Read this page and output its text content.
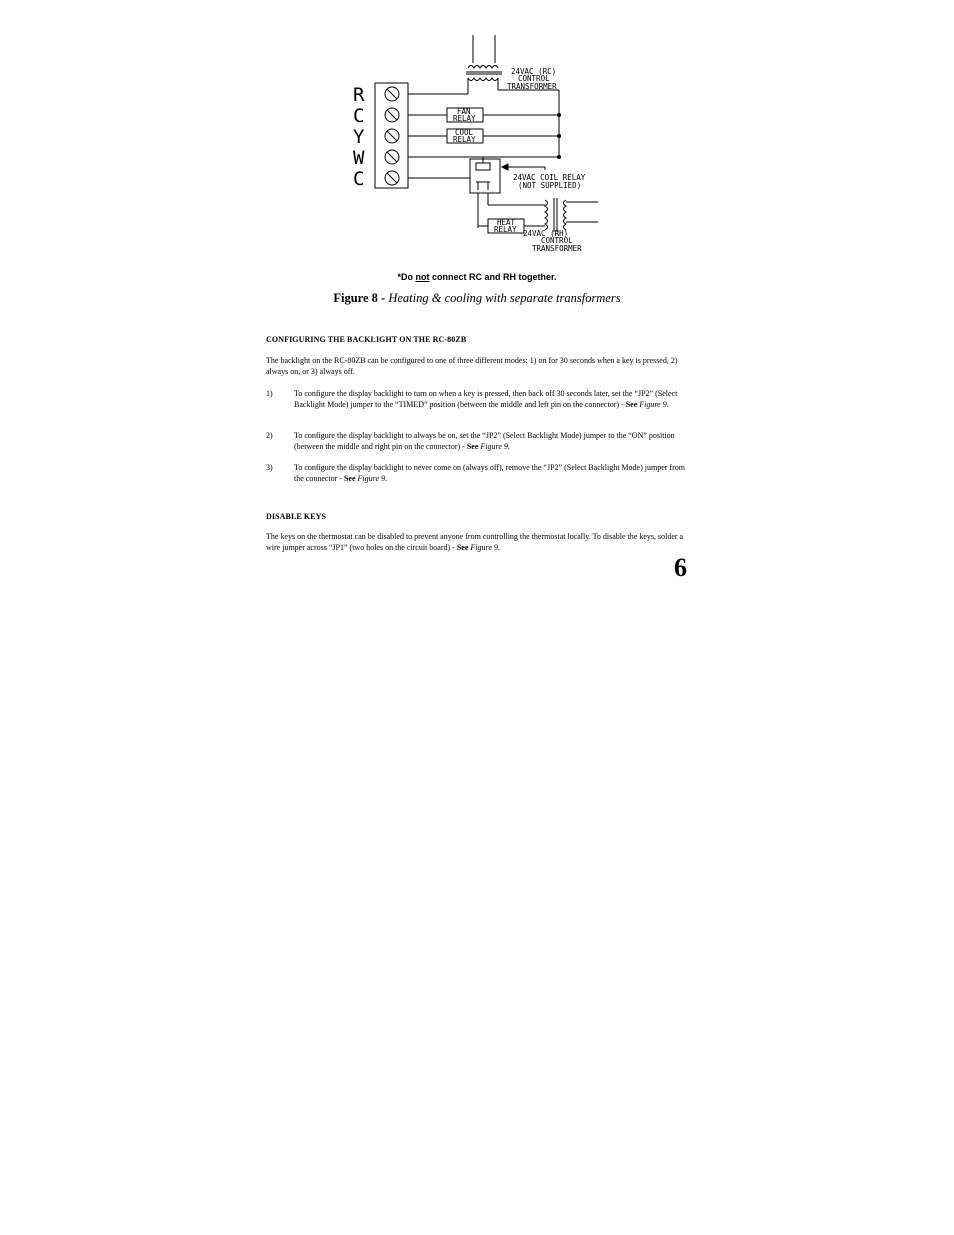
R
C
Y
W
C
24VAC (RC)
CONTROL
TRANSFORMER
FAN
RELAY
COOL
RELAY
24VAC COIL RELAY
(NOT SUPPLIED)
HEAT
RELAY 24VAC (RH)
CONTROL
TRANSFORMER
*Do not connect RC and RH together.
Figure 8 - Heating & cooling with separate transformers
CONFIGURING THE BACKLIGHT ON THE RC-80ZB
The backlight on the RC-80ZB can be configured to one of three different modes: 1) on for 30 seconds when a key is pressed, 2) always on, or 3) always off.
1)	To configure the display backlight to turn on when a key is pressed, then back off 30 seconds later, set the “JP2” (Select Backlight Mode) jumper to the “TIMED” position (between the middle and left pin on the connector) - See Figure 9.
2)	To configure the display backlight to always be on, set the “JP2” (Select Backlight Mode) jumper to the “ON” position (between the middle and right pin on the connector) - See Figure 9.
3)	To configure the display backlight to never come on (always off), remove the “JP2” (Select Backlight Mode) jumper from the connector - See Figure 9.
DISABLE KEYS
The keys on the thermostat can be disabled to prevent anyone from controlling the thermostat locally. To disable the keys, solder a wire jumper across “JP1” (two holes on the circuit board) - See Figure 9.
6
